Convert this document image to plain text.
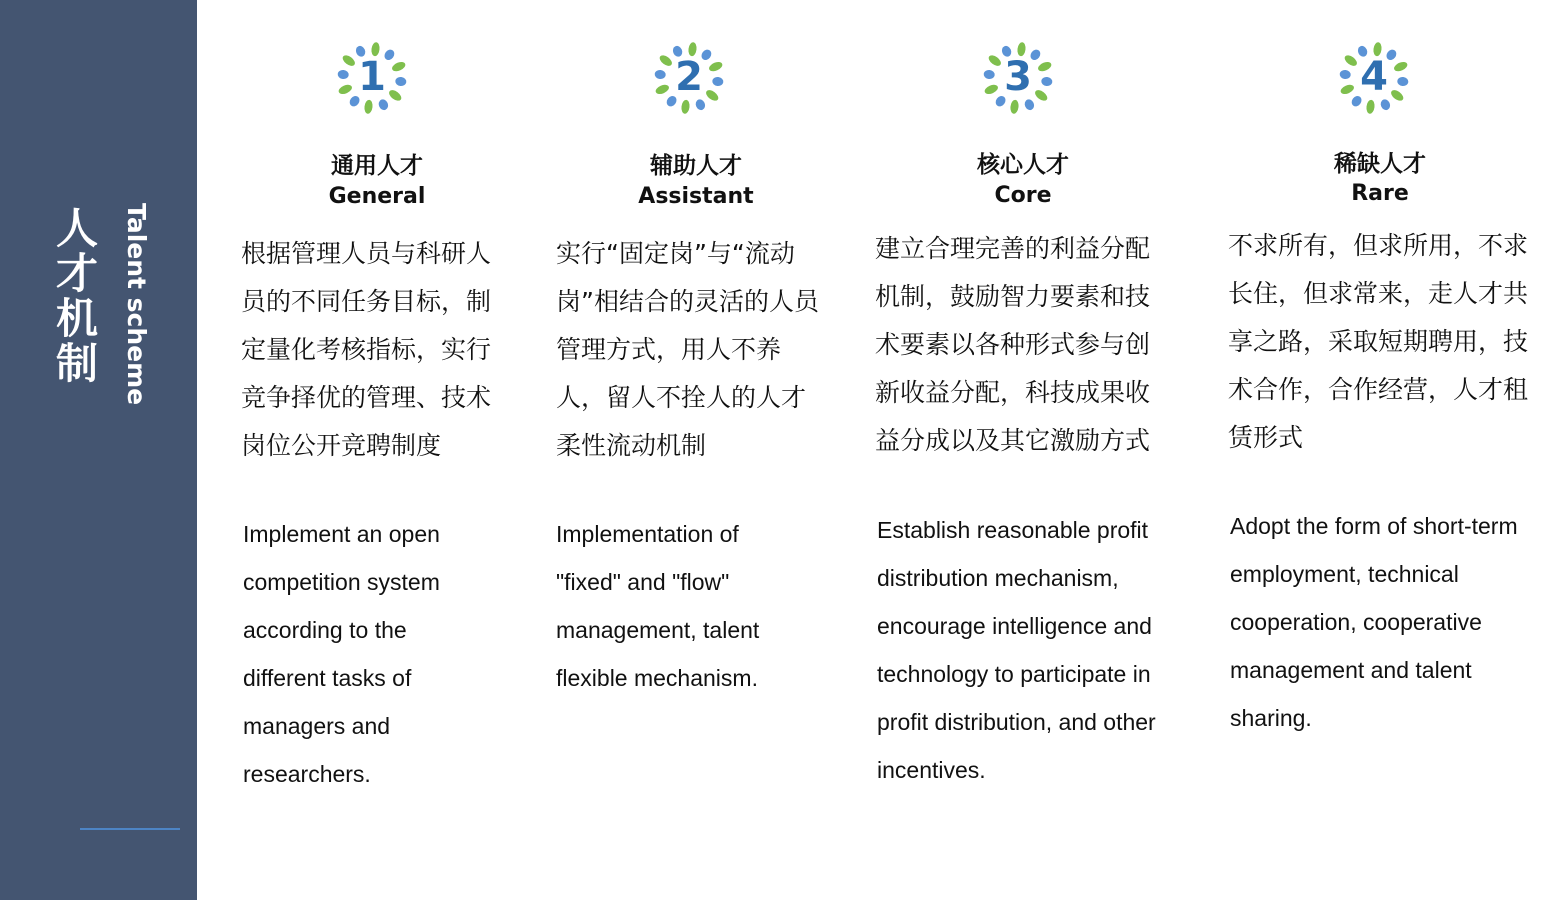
人才机制 Talent scheme
1
通用人才
General

根据管理人员与科研人员的不同任务目标，制定量化考核指标，实行竞争择优的管理、技术岗位公开竞聘制度

Implement an open competition system according to the different tasks of managers and researchers.

2
辅助人才
Assistant

实行“固定岗”与“流动岗”相结合的灵活的人员管理方式，用人不养人，留人不拴人的人才柔性流动机制

Implementation of "fixed" and "flow" management, talent flexible mechanism.

3
核心人才
Core

建立合理完善的利益分配机制，鼓励智力要素和技术要素以各种形式参与创新收益分配，科技成果收益分成以及其它激励方式

Establish reasonable profit distribution mechanism, encourage intelligence and technology to participate in profit distribution, and other incentives.

4
稀缺人才
Rare

不求所有，但求所用，不求长住，但求常来，走人才共享之路，采取短期聘用，技术合作，合作经营，人才租赁形式

Adopt the form of short-term employment, technical cooperation, cooperative management and talent sharing.
